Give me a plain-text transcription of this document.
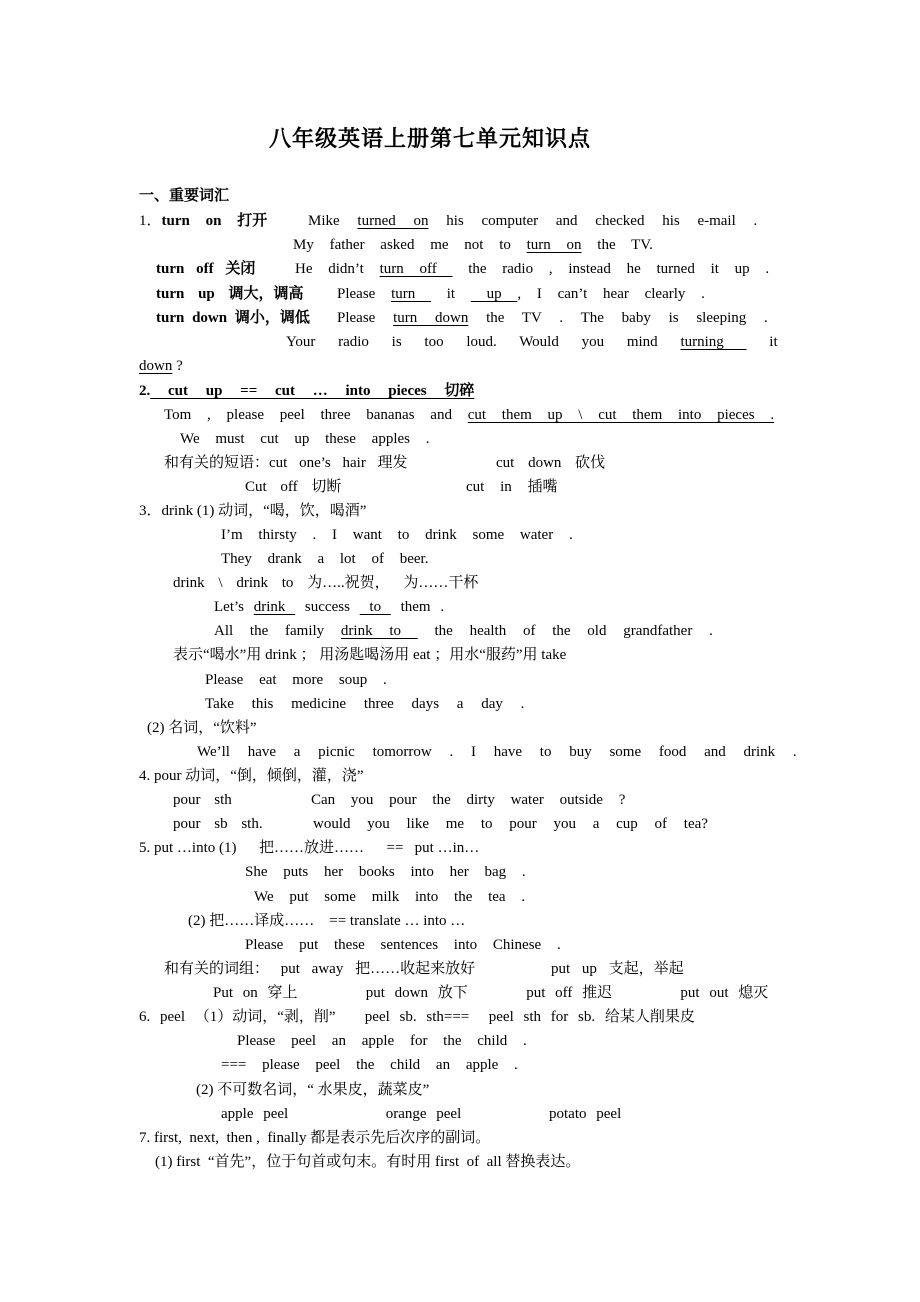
八年级英语上册第七单元知识点
一、重要词汇
1．turn on 打开	Mike turned on his computer and checked his e-mail .
My father asked me not to turn on the TV.
turn off 关闭	He didn’t turn off  the radio , instead he turned it up .
turn up 调大，调高 Please turn  it  up , I can’t hear clearly .
turn down 调小，调低 Please turn down the TV . The baby is sleeping .
Your radio is too loud. Would you mind turning  it
down ?
2. cut up == cut … into pieces 切碎
Tom , please peel three bananas and cut them up \ cut them into pieces .
We must cut up these apples .
和有关的短语：cut one’s hair 理发	cut down 砍伐
Cut off 切断	cut in 插嘴
3．drink (1) 动词，“喝，饮，喝酒”
I’m thirsty . I want to drink some water .
They drank a lot of beer.
drink \ drink to 为…..祝贺， 为……干杯
Let’s drink  success  to  them .
All the family drink to  the health of the old grandfather .
表示“喝水”用 drink ； 用汤匙喝汤用 eat ；用水“服药”用 take
Please eat more soup .
Take this medicine three days a day .
(2) 名词，“饮料”
We’ll have a picnic tomorrow . I have to buy some food and drink .
4. pour 动词，“倒，倾倒，灌，浇”
pour sth	Can you pour the dirty water outside ?
pour sb sth.	would you like me to pour you a cup of tea?
5. put …into (1)      把……放进……      ==   put …in…
She puts her books into her bag .
We put some milk into the tea .
(2) 把……译成……    == translate … into …
Please put these sentences into Chinese .
和有关的词组： put away 把……收起来放好	put up 支起，举起
Put on 穿上       put down 放下      put off 推迟       put out 熄灭
6. peel （1）动词，“剥，削”   peel sb. sth===  peel sth for sb. 给某人削果皮
Please peel an apple for the child .
=== please peel the child an apple .
(2) 不可数名词，“ 水果皮，蔬菜皮”
apple peel          orange peel         potato peel
7. first,  next,  then ,  finally 都是表示先后次序的副词。
(1) first  “首先”，位于句首或句末。有时用 first  of  all 替换表达。
